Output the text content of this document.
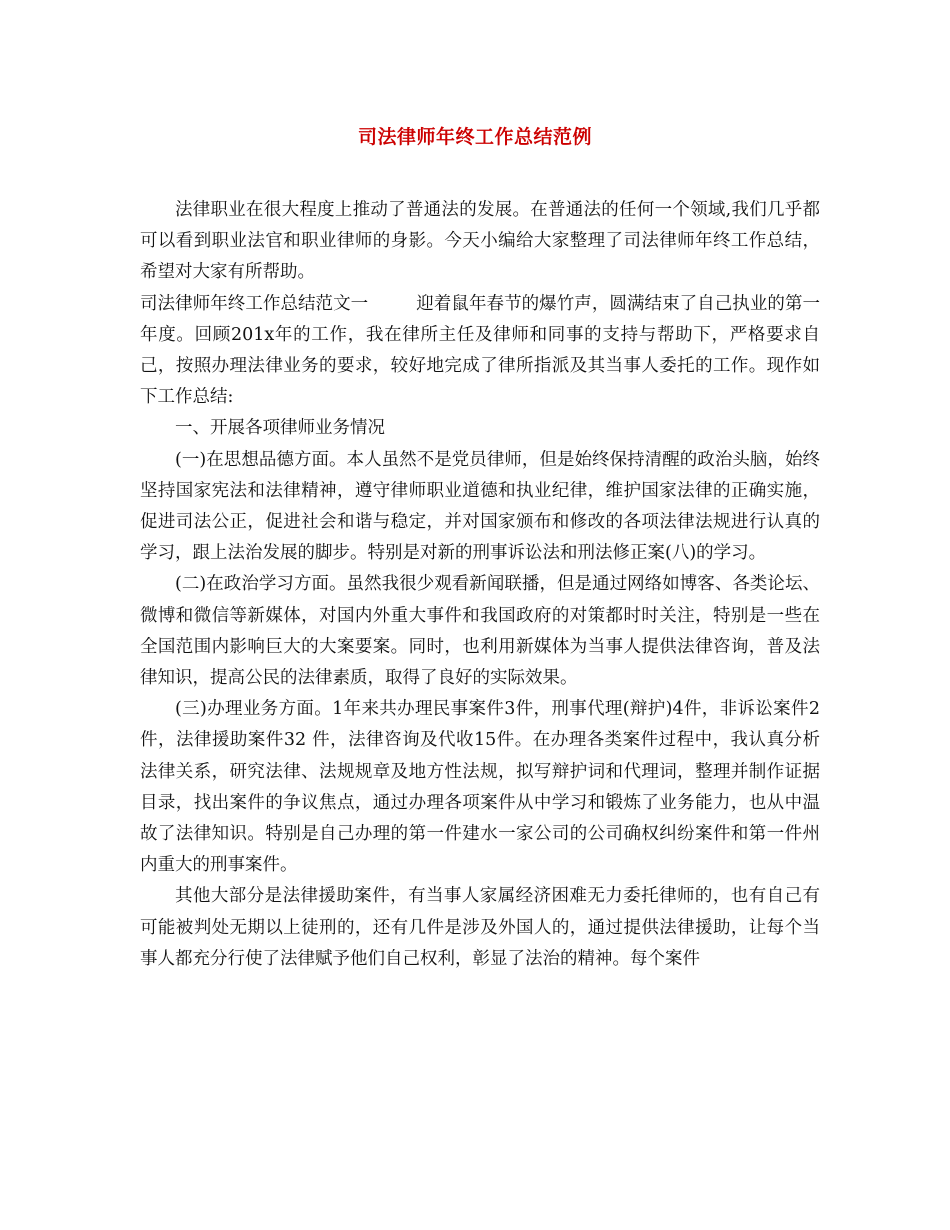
司法律师年终工作总结范例

法律职业在很大程度上推动了普通法的发展。在普通法的任何一个领域,我们几乎都可以看到职业法官和职业律师的身影。今天小编给大家整理了司法律师年终工作总结，希望对大家有所帮助。

司法律师年终工作总结范文一	迎着鼠年春节的爆竹声，圆满结束了自己执业的第一年度。回顾201x年的工作，我在律所主任及律师和同事的支持与帮助下，严格要求自己，按照办理法律业务的要求，较好地完成了律所指派及其当事人委托的工作。现作如下工作总结:

一、开展各项律师业务情况

(一)在思想品德方面。本人虽然不是党员律师，但是始终保持清醒的政治头脑，始终坚持国家宪法和法律精神，遵守律师职业道德和执业纪律，维护国家法律的正确实施，促进司法公正，促进社会和谐与稳定，并对国家颁布和修改的各项法律法规进行认真的学习，跟上法治发展的脚步。特别是对新的刑事诉讼法和刑法修正案(八)的学习。

(二)在政治学习方面。虽然我很少观看新闻联播，但是通过网络如博客、各类论坛、微博和微信等新媒体，对国内外重大事件和我国政府的对策都时时关注，特别是一些在全国范围内影响巨大的大案要案。同时，也利用新媒体为当事人提供法律咨询，普及法律知识，提高公民的法律素质，取得了良好的实际效果。

(三)办理业务方面。1年来共办理民事案件3件，刑事代理(辩护)4件，非诉讼案件2 件，法律援助案件32 件，法律咨询及代收15件。在办理各类案件过程中，我认真分析法律关系，研究法律、法规规章及地方性法规，拟写辩护词和代理词，整理并制作证据目录，找出案件的争议焦点，通过办理各项案件从中学习和锻炼了业务能力，也从中温故了法律知识。特别是自己办理的第一件建水一家公司的公司确权纠纷案件和第一件州内重大的刑事案件。

其他大部分是法律援助案件，有当事人家属经济困难无力委托律师的，也有自己有可能被判处无期以上徒刑的，还有几件是涉及外国人的，通过提供法律援助，让每个当事人都充分行使了法律赋予他们自己权利，彰显了法治的精神。每个案件
